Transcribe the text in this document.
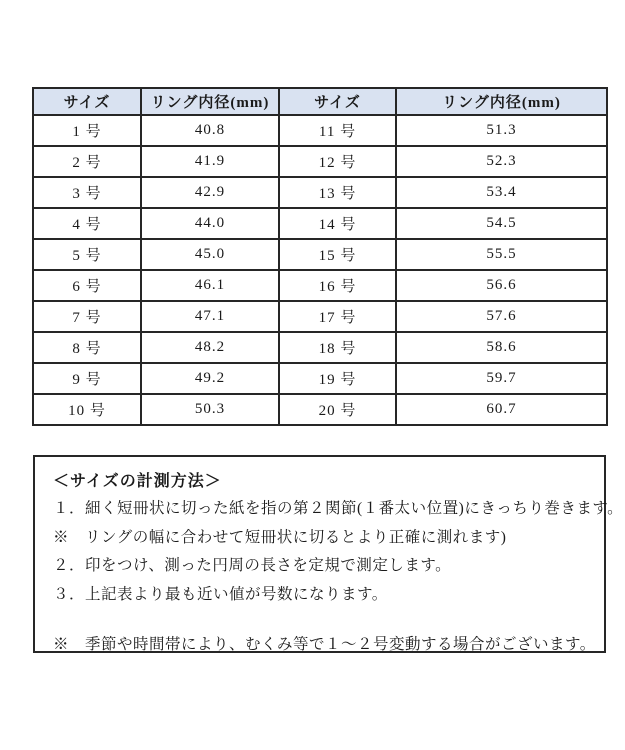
サイズ	リング内径(mm)	サイズ	リング内径(mm)
1 号	40.8	11 号	51.3
2 号	41.9	12 号	52.3
3 号	42.9	13 号	53.4
4 号	44.0	14 号	54.5
5 号	45.0	15 号	55.5
6 号	46.1	16 号	56.6
7 号	47.1	17 号	57.6
8 号	48.2	18 号	58.6
9 号	49.2	19 号	59.7
10 号	50.3	20 号	60.7
＜サイズの計測方法＞
１．細く短冊状に切った紙を指の第２関節(１番太い位置)にきっちり巻きます。
※　リングの幅に合わせて短冊状に切るとより正確に測れます)
２．印をつけ、測った円周の長さを定規で測定します。
３．上記表より最も近い値が号数になります。
※　季節や時間帯により、むくみ等で１～２号変動する場合がございます。
